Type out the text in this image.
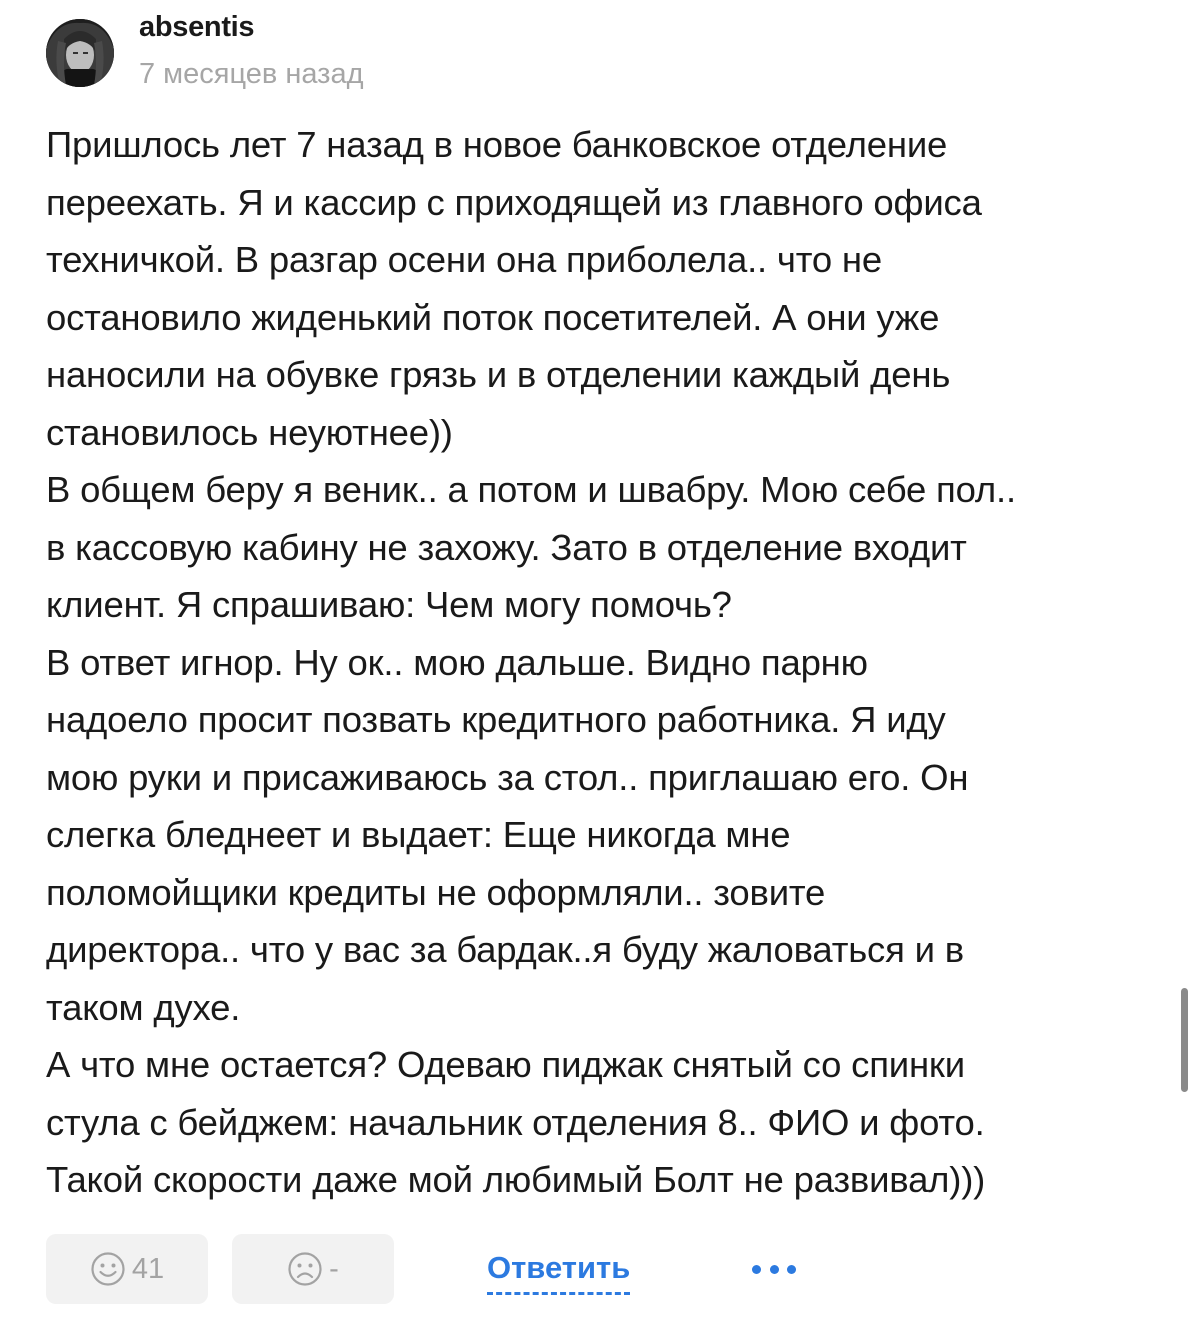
absentis
7 месяцев назад
Пришлось лет 7 назад в новое банковское отделение
переехать. Я и кассир с приходящей из главного офиса
техничкой. В разгар осени она приболела.. что не
остановило жиденький поток посетителей. А они уже
наносили на обувке грязь и в отделении каждый день
становилось неуютнее))
В общем беру я веник.. а потом и швабру. Мою себе пол..
в кассовую кабину не захожу. Зато в отделение входит
клиент. Я спрашиваю: Чем могу помочь?
В ответ игнор. Ну ок.. мою дальше. Видно парню
надоело просит позвать кредитного работника. Я иду
мою руки и присаживаюсь за стол.. приглашаю его. Он
слегка бледнеет и выдает: Еще никогда мне
поломойщики кредиты не оформляли.. зовите
директора.. что у вас за бардак..я буду жаловаться и в
таком духе.
А что мне остается? Одеваю пиджак снятый со спинки
стула с бейджем: начальник отделения 8.. ФИО и фото.
Такой скорости даже мой любимый Болт не развивал)))
41	-	Ответить
